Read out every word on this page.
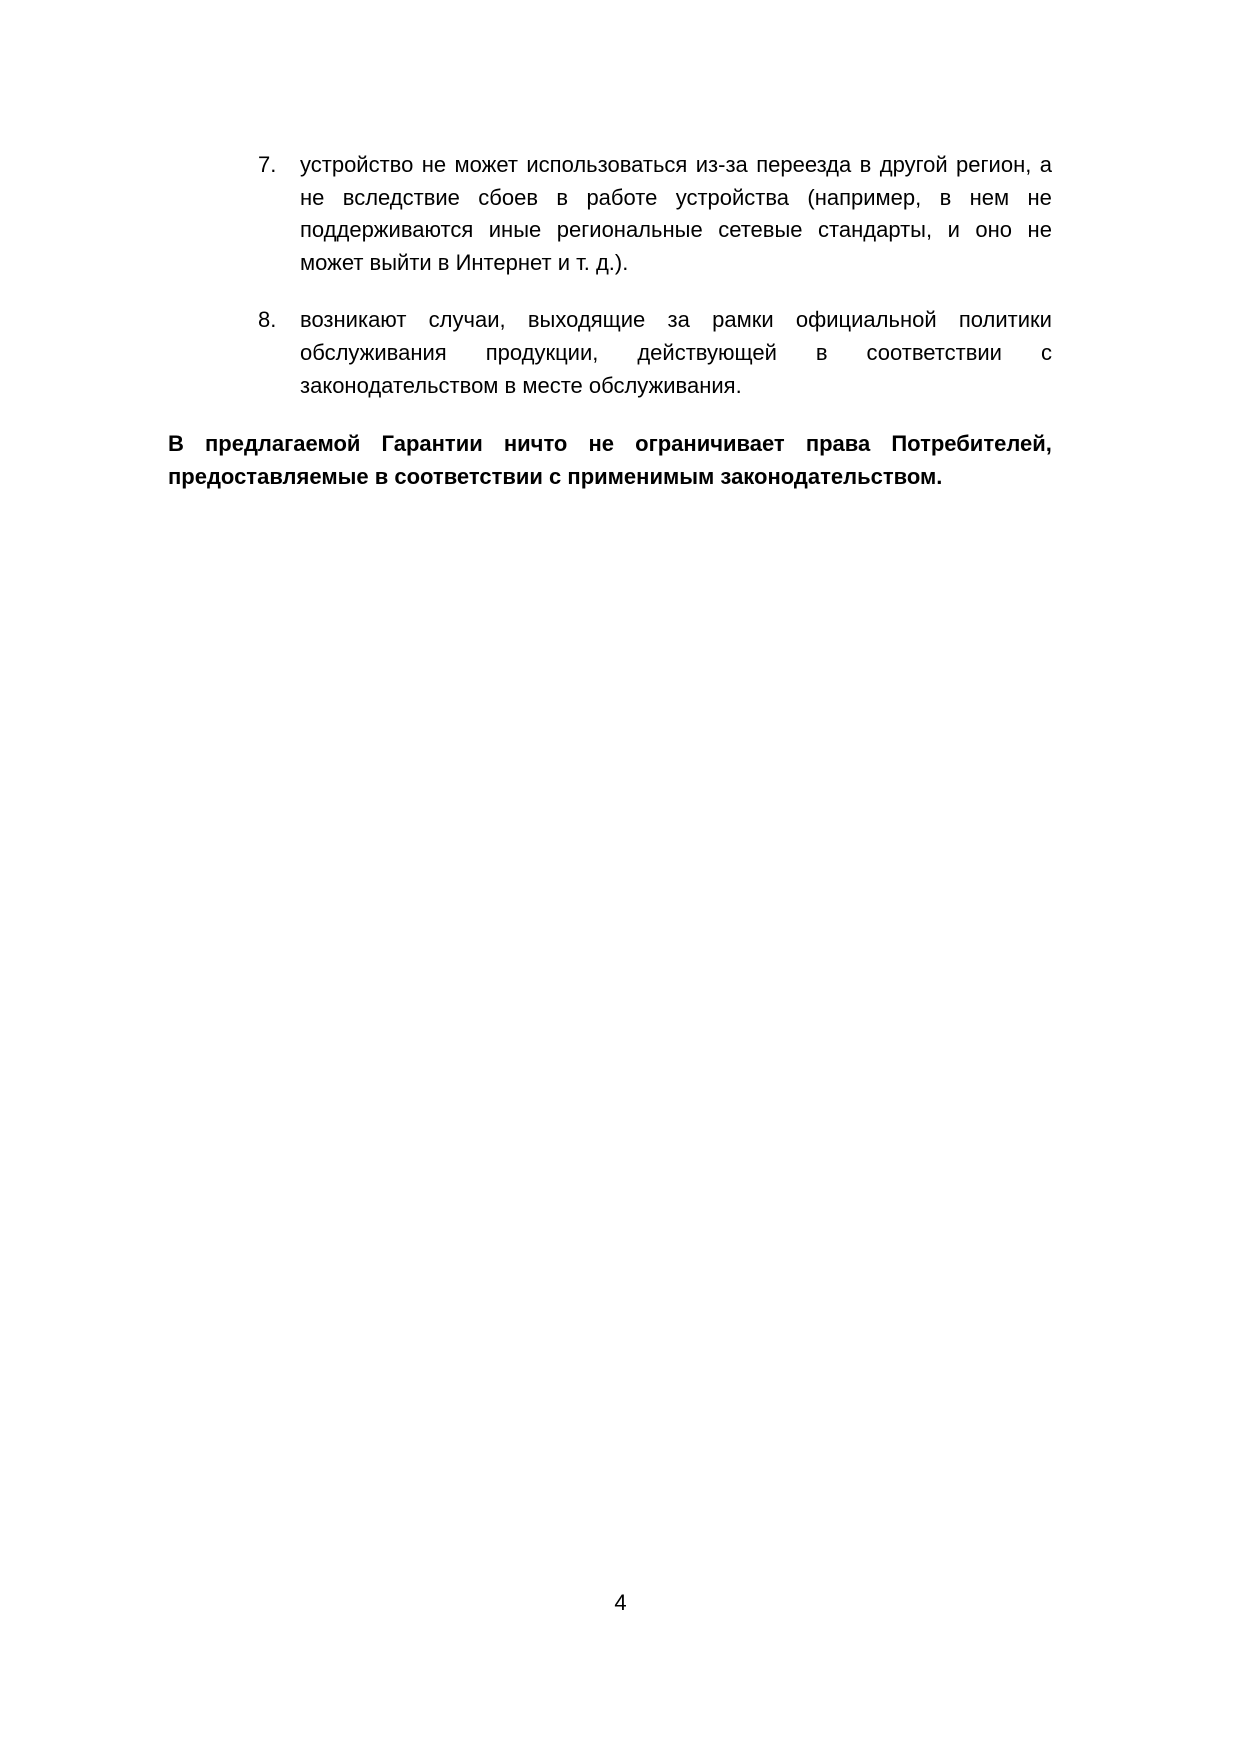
7. устройство не может использоваться из-за переезда в другой регион, а
не вследствие сбоев в работе устройства (например, в нем не
поддерживаются иные региональные сетевые стандарты, и оно не
может выйти в Интернет и т. д.).
8. возникают случаи, выходящие за рамки официальной политики
обслуживания продукции, действующей в соответствии с
законодательством в месте обслуживания.
В предлагаемой Гарантии ничто не ограничивает права Потребителей,
предоставляемые в соответствии с применимым законодательством.
4
